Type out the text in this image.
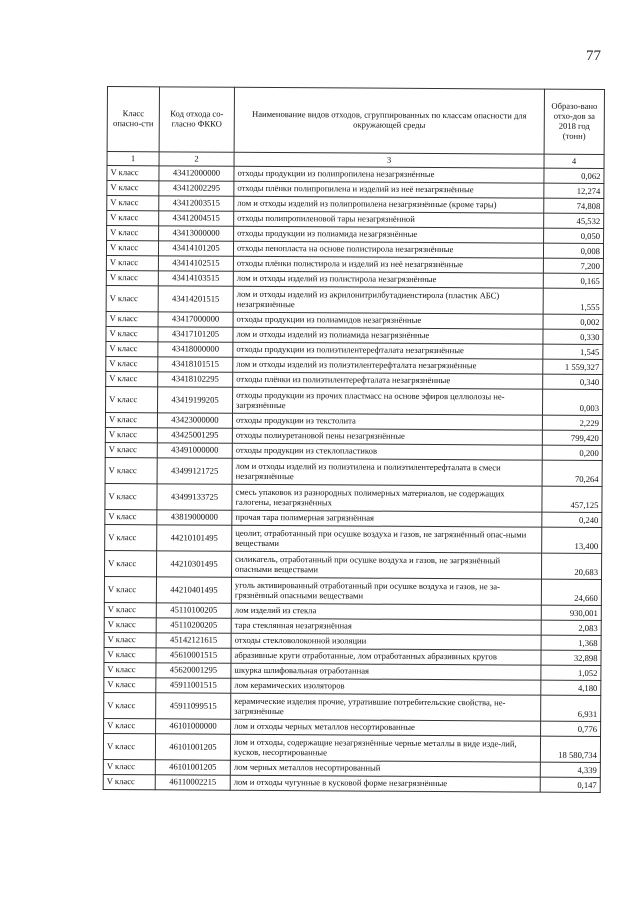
77
Класс опасно-сти	Код отхода со-гласно ФККО	Наименование видов отходов, сгруппированных по классам опасности для окружающей среды	Образо-вано отхо-дов за 2018 год (тонн)
1	2	3	4
V класс	43412000000	отходы продукции из полипропилена незагрязнённые	0,062
V класс	43412002295	отходы плёнки полипропилена и изделий из неё незагрязнённые	12,274
V класс	43412003515	лом и отходы изделий из полипропилена незагрязнённые (кроме тары)	74,808
V класс	43412004515	отходы полипропиленовой тары незагрязнённой	45,532
V класс	43413000000	отходы продукции из полиамида незагрязнённые	0,050
V класс	43414101205	отходы пенопласта на основе полистирола незагрязнённые	0,008
V класс	43414102515	отходы плёнки полистирола и изделий из неё незагрязнённые	7,200
V класс	43414103515	лом и отходы изделий из полистирола незагрязнённые	0,165
V класс	43414201515	лом и отходы изделий из акрилонитрилбутадиенстирола (пластик АБС) незагрязнённые	1,555
V класс	43417000000	отходы продукции из полиамидов незагрязнённые	0,002
V класс	43417101205	лом и отходы изделий из полиамида незагрязнённые	0,330
V класс	43418000000	отходы продукции из полиэтилентерефталата незагрязнённые	1,545
V класс	43418101515	лом и отходы изделий из полиэтилентерефталата незагрязнённые	1 559,327
V класс	43418102295	отходы плёнки из полиэтилентерефталата незагрязнённые	0,340
V класс	43419199205	отходы продукции из прочих пластмасс на основе эфиров целлюлозы не-загрязнённые	0,003
V класс	43423000000	отходы продукции из текстолита	2,229
V класс	43425001295	отходы полиуретановой пены незагрязнённые	799,420
V класс	43491000000	отходы продукции из стеклопластиков	0,200
V класс	43499121725	лом и отходы изделий из полиэтилена и полиэтилентерефталата в смеси незагрязнённые	70,264
V класс	43499133725	смесь упаковок из разнородных полимерных материалов, не содержащих галогены, незагрязнённых	457,125
V класс	43819000000	прочая тара полимерная загрязнённая	0,240
V класс	44210101495	цеолит, отработанный при осушке воздуха и газов, не загрязнённый опас-ными веществами	13,400
V класс	44210301495	силикагель, отработанный при осушке воздуха и газов, не загрязнённый опасными веществами	20,683
V класс	44210401495	уголь активированный отработанный при осушке воздуха и газов, не за-грязнённый опасными веществами	24,660
V класс	45110100205	лом изделий из стекла	930,001
V класс	45110200205	тара стеклянная незагрязнённая	2,083
V класс	45142121615	отходы стекловолоконной изоляции	1,368
V класс	45610001515	абразивные круги отработанные, лом отработанных абразивных кругов	32,898
V класс	45620001295	шкурка шлифовальная отработанная	1,052
V класс	45911001515	лом керамических изоляторов	4,180
V класс	45911099515	керамические изделия прочие, утратившие потребительские свойства, не-загрязнённые	6,931
V класс	46101000000	лом и отходы черных металлов несортированные	0,776
V класс	46101001205	лом и отходы, содержащие незагрязнённые черные металлы в виде изде-лий, кусков, несортированные	18 580,734
V класс	46101001205	лом черных металлов несортированный	4,339
V класс	46110002215	лом и отходы чугунные в кусковой форме незагрязнённые	0,147
